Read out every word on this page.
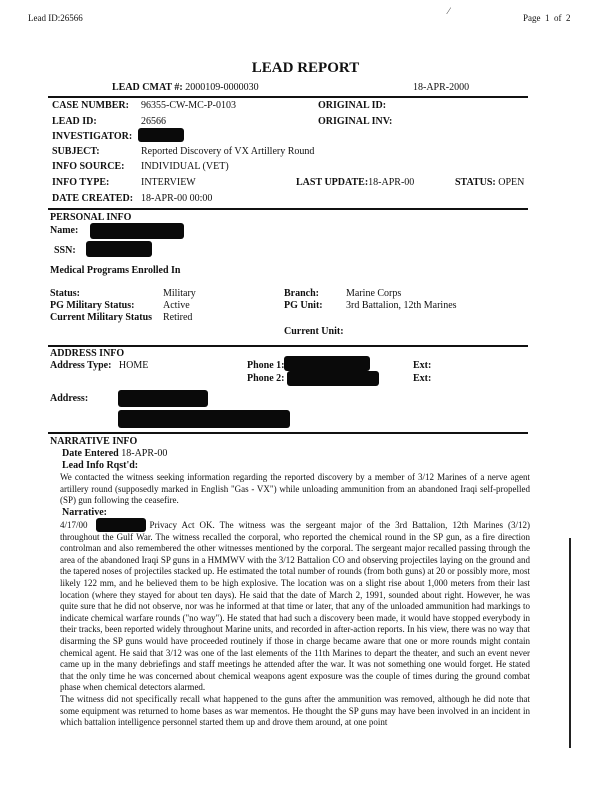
Lead ID:26566	Page 1 of 2
⁄
LEAD REPORT
LEAD CMAT #: 2000109-0000030	18-APR-2000
CASE NUMBER: 96355-CW-MC-P-0103	ORIGINAL ID:
LEAD ID:	26566	ORIGINAL INV:
INVESTIGATOR:
SUBJECT:	Reported Discovery of VX Artillery Round
INFO SOURCE: INDIVIDUAL (VET)
INFO TYPE:	INTERVIEW	LAST UPDATE:18-APR-00	STATUS: OPEN
DATE CREATED: 18-APR-00 00:00
PERSONAL INFO
Name:
SSN:
Medical Programs Enrolled In
Status:	Military	Branch:	Marine Corps
PG Military Status:	Active	PG Unit: 3rd Battalion, 12th Marines
Current Military Status Retired
Current Unit:
ADDRESS INFO
Address Type: HOME	Phone 1:	Ext:
Phone 2:	Ext:
Address:
NARRATIVE INFO
Date Entered 18-APR-00
Lead Info Rqst'd:
We contacted the witness seeking information regarding the reported discovery by a member of 3/12 Marines of a nerve agent artillery round (supposedly marked in English "Gas - VX") while unloading ammunition from an abandoned Iraqi self-propelled (SP) gun following the ceasefire.
Narrative:

4/17/00	Privacy Act OK. The witness was the sergeant major of the 3rd Battalion, 12th Marines (3/12) throughout the Gulf War. The witness recalled the corporal, who reported the chemical round in the SP gun, as a fire direction controlman and also remembered the other witnesses mentioned by the corporal. The sergeant major recalled passing through the area of the abandoned Iraqi SP guns in a HMMWV with the 3/12 Battalion CO and observing projectiles laying on the ground and the tapered noses of projectiles stacked up. He estimated the total number of rounds (from both guns) at 20 or possibly more, most likely 122 mm, and he believed them to be high explosive. The location was on a slight rise about 1,000 meters from their last location (where they stayed for about ten days). He said that the date of March 2, 1991, sounded about right. However, he was quite sure that he did not observe, nor was he informed at that time or later, that any of the unloaded ammunition had markings to indicate chemical warfare rounds ("no way"). He stated that had such a discovery been made, it would have stopped everybody in their tracks, been reported widely throughout Marine units, and recorded in after-action reports. In his view, there was no way that disarming the SP guns would have proceeded routinely if those in charge became aware that one or more rounds might contain chemical agent. He said that 3/12 was one of the last elements of the 11th Marines to depart the theater, and such an event never came up in the many debriefings and staff meetings he attended after the war. It was not something one would forget. He stated that the only time he was concerned about chemical weapons agent exposure was the couple of times during the ground combat phase when chemical detectors alarmed.

The witness did not specifically recall what happened to the guns after the ammunition was removed, although he did note that some equipment was returned to home bases as war mementos. He thought the SP guns may have been involved in an incident in which battalion intelligence personnel started them up and drove them around, at one point
